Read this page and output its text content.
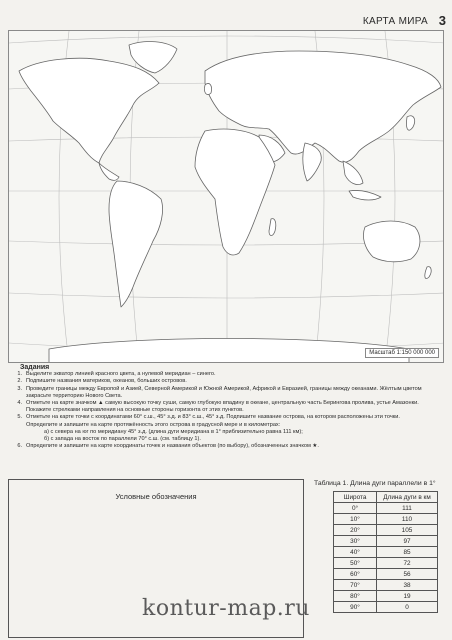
КАРТА МИРА 3
Масштаб 1:150 000 000
Задания
1. Выделите экватор линией красного цвета, а нулевой меридиан – синего.
2. Подпишите названия материков, океанов, больших островов.
3. Проведите границы между Европой и Азией, Северной Америкой и Южной Америкой, Африкой и Евразией, границы между океанами. Жёлтым цветом закрасьте территорию Нового Света.
4. Отметьте на карте значком ▲ самую высокую точку суши, самую глубокую впадину в океане, центральную часть Берингова пролива, устье Амазонки. Покажите стрелками направления на основные стороны горизонта от этих пунктов.
5. Отметьте на карте точки с координатами 60° с.ш., 45° з.д. и 83° с.ш., 45° з.д. Подпишите название острова, на котором расположены эти точки.
Определите и запишите на карте протяжённость этого острова в градусной мере и в километрах:
а) с севера на юг по меридиану 45° з.д. (длина дуги меридиана в 1° приблизительно равна 111 км);
б) с запада на восток по параллели 70° с.ш. (см. таблицу 1).
6. Определите и запишите на карте координаты точек и названия объектов (по выбору), обозначенных значком ★.
Условные обозначения
Таблица 1. Длина дуги параллели в 1°
Широта	Длина дуги в км
0°	111
10°	110
20°	105
30°	97
40°	85
50°	72
60°	56
70°	38
80°	19
90°	0
kontur-map.ru
